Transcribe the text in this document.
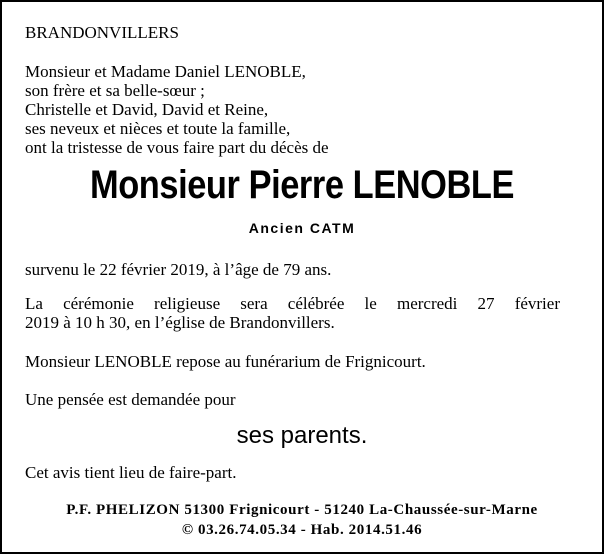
BRANDONVILLERS

Monsieur et Madame Daniel LENOBLE,
son frère et sa belle-sœur ;
Christelle et David, David et Reine,
ses neveux et nièces et toute la famille,
ont la tristesse de vous faire part du décès de

Monsieur Pierre LENOBLE
Ancien CATM

survenu le 22 février 2019, à l’âge de 79 ans.

La cérémonie religieuse sera célébrée le mercredi 27 février
2019 à 10 h 30, en l’église de Brandonvillers.

Monsieur LENOBLE repose au funérarium de Frignicourt.

Une pensée est demandée pour

ses parents.

Cet avis tient lieu de faire-part.

P.F. PHELIZON 51300 Frignicourt - 51240 La-Chaussée-sur-Marne
© 03.26.74.05.34 - Hab. 2014.51.46
